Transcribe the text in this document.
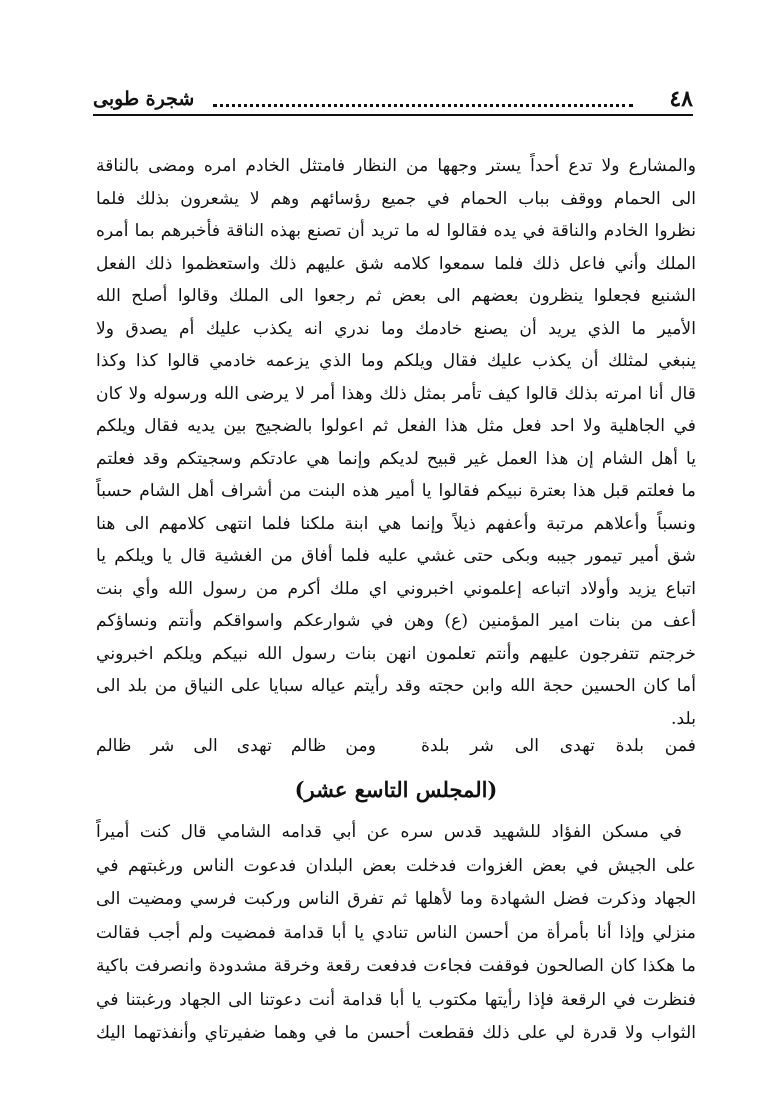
٤٨
شجرة طوبى
والمشارع ولا تدع أحداً يستر وجهها من النظار فامتثل الخادم امره ومضى بالناقة
الى الحمام ووقف بباب الحمام في جميع رؤسائهم وهم لا يشعرون بذلك فلما
نظروا الخادم والناقة في يده فقالوا له ما تريد أن تصنع بهذه الناقة فأخبرهم بما أمره
الملك وأني فاعل ذلك فلما سمعوا كلامه شق عليهم ذلك واستعظموا ذلك الفعل
الشنيع فجعلوا ينظرون بعضهم الى بعض ثم رجعوا الى الملك وقالوا أصلح الله
الأمير ما الذي يريد أن يصنع خادمك وما ندري انه يكذب عليك أم يصدق ولا
ينبغي لمثلك أن يكذب عليك فقال ويلكم وما الذي يزعمه خادمي قالوا كذا وكذا
قال أنا امرته بذلك قالوا كيف تأمر بمثل ذلك وهذا أمر لا يرضى الله ورسوله ولا كان
في الجاهلية ولا احد فعل مثل هذا الفعل ثم اعولوا بالضجيج بين يديه فقال ويلكم
يا أهل الشام إن هذا العمل غير قبيح لديكم وإنما هي عادتكم وسجيتكم وقد فعلتم
ما فعلتم قبل هذا بعترة نبيكم فقالوا يا أمير هذه البنت من أشراف أهل الشام حسباً
ونسباً وأعلاهم مرتبة وأعفهم ذيلاً وإنما هي ابنة ملكنا فلما انتهى كلامهم الى هنا
شق أمير تيمور جيبه وبكى حتى غشي عليه فلما أفاق من الغشية قال يا ويلكم يا
اتباع يزيد وأولاد اتباعه إعلموني اخبروني اي ملك أكرم من رسول الله وأي بنت
أعف من بنات امير المؤمنين (ع) وهن في شوارعكم واسواقكم وأنتم ونساؤكم
خرجتم تتفرجون عليهم وأنتم تعلمون انهن بنات رسول الله نبيكم ويلكم اخبروني
أما كان الحسين حجة الله وابن حجته وقد رأيتم عياله سبايا على النياق من بلد الى
بلد.
فمن بلدة تهدى الى شر بلدة
ومن ظالم تهدى الى شر ظالم
(المجلس التاسع عشر)
في مسكن الفؤاد للشهيد قدس سره عن أبي قدامه الشامي قال كنت أميراً
على الجيش في بعض الغزوات فدخلت بعض البلدان فدعوت الناس ورغبتهم في
الجهاد وذكرت فضل الشهادة وما لأهلها ثم تفرق الناس وركبت فرسي ومضيت الى
منزلي وإذا أنا بأمرأة من أحسن الناس تنادي يا أبا قدامة فمضيت ولم أجب فقالت
ما هكذا كان الصالحون فوقفت فجاءت فدفعت رقعة وخرقة مشدودة وانصرفت باكية
فنظرت في الرقعة فإذا رأيتها مكتوب يا أبا قدامة أنت دعوتنا الى الجهاد ورغبتنا في
الثواب ولا قدرة لي على ذلك فقطعت أحسن ما في وهما ضفيرتاي وأنفذتهما اليك
